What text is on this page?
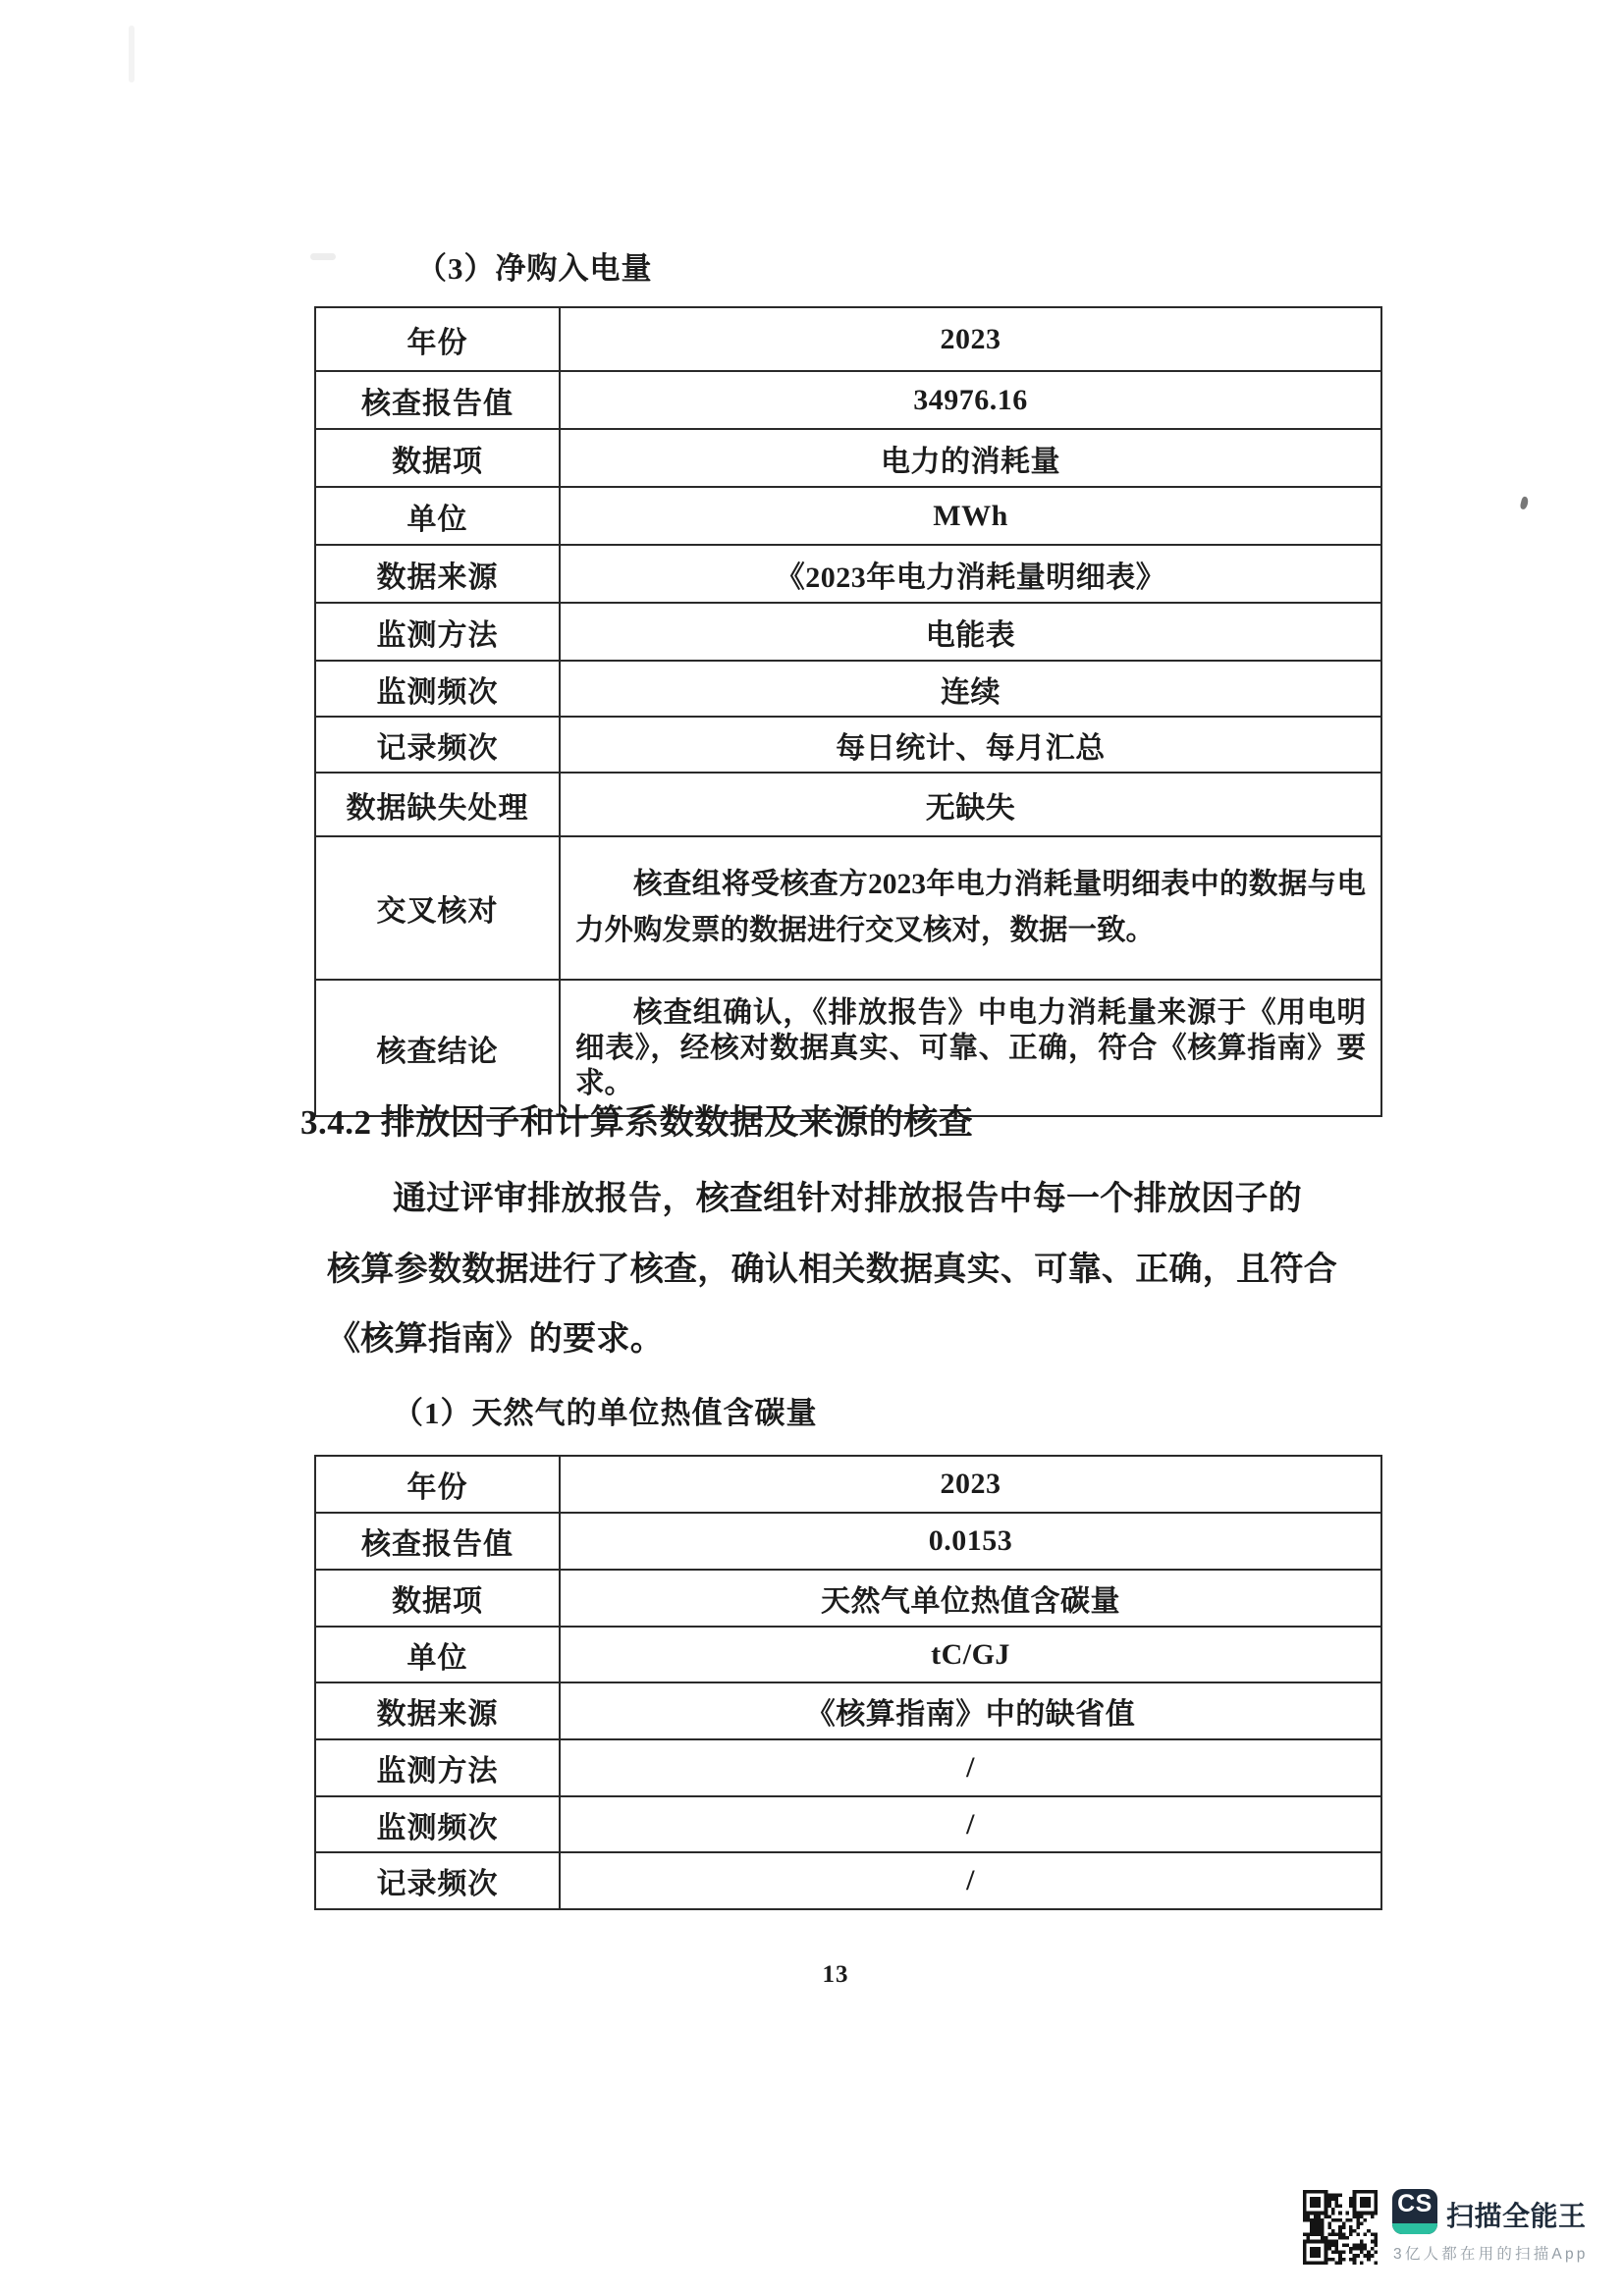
（3）净购入电量
年份	2023
核查报告值	34976.16
数据项	电力的消耗量
单位	MWh
数据来源	《2023年电力消耗量明细表》
监测方法	电能表
监测频次	连续
记录频次	每日统计、每月汇总
数据缺失处理	无缺失
交叉核对	核查组将受核查方2023年电力消耗量明细表中的数据与电力外购发票的数据进行交叉核对，数据一致。
核查结论	核查组确认，《排放报告》中电力消耗量来源于《用电明细表》，经核对数据真实、可靠、正确，符合《核算指南》要求。
3.4.2 排放因子和计算系数数据及来源的核查
通过评审排放报告，核查组针对排放报告中每一个排放因子的
核算参数数据进行了核查，确认相关数据真实、可靠、正确，且符合
《核算指南》的要求。
（1）天然气的单位热值含碳量
年份	2023
核查报告值	0.0153
数据项	天然气单位热值含碳量
单位	tC/GJ
数据来源	《核算指南》中的缺省值
监测方法	/
监测频次	/
记录频次	/
13
CS 扫描全能王
3亿人都在用的扫描App
